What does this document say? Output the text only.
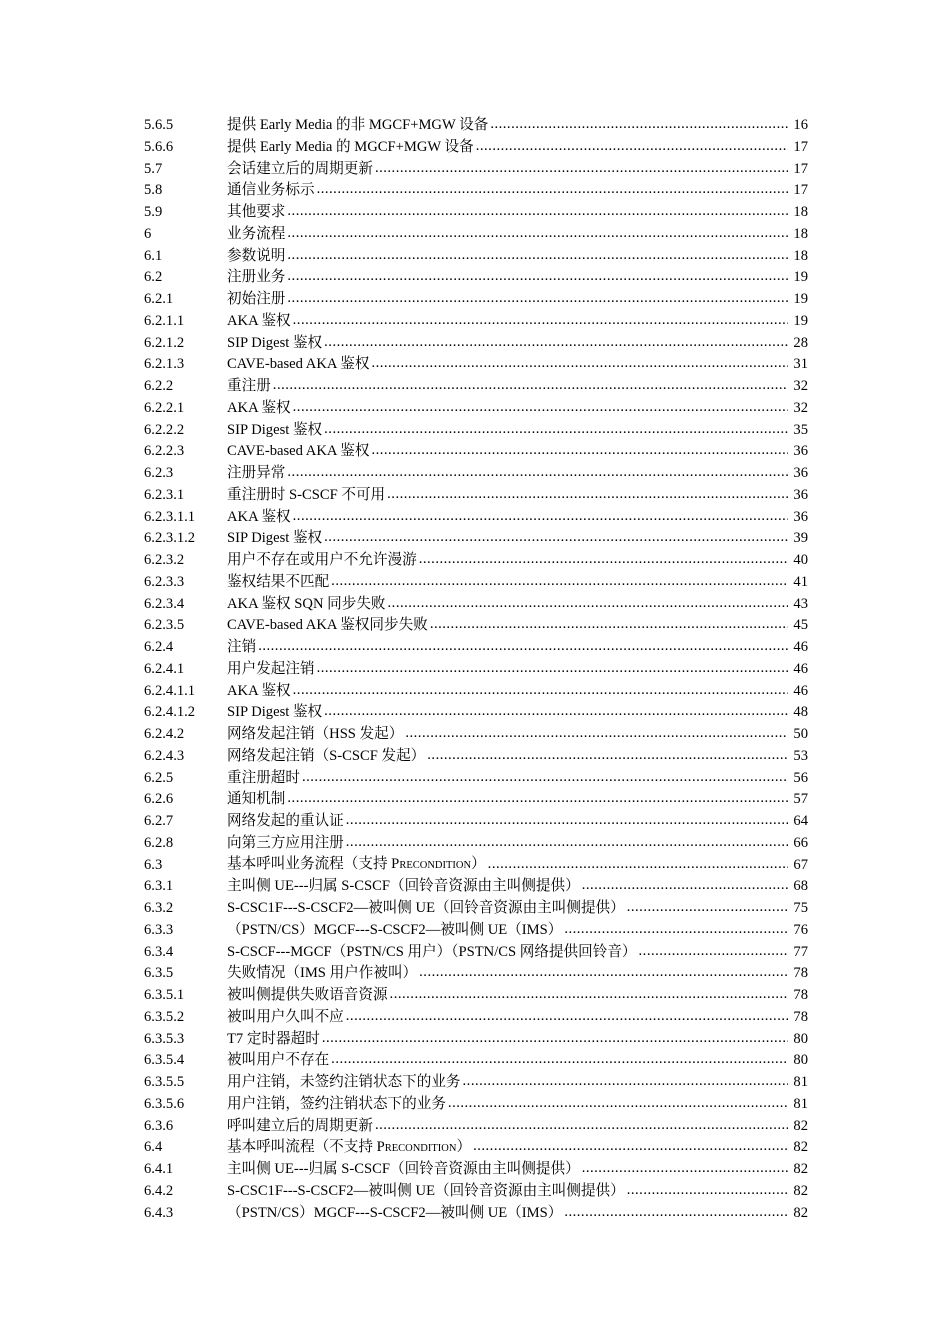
5.6.5	提供 Early Media 的非 MGCF+MGW 设备 .....	16
5.6.6	提供 Early Media 的 MGCF+MGW 设备 .....	17
5.7	会话建立后的周期更新 .....	17
5.8	通信业务标示 .....	17
5.9	其他要求 .....	18
6	业务流程 .....	18
6.1	参数说明 .....	18
6.2	注册业务 .....	19
6.2.1	初始注册 .....	19
6.2.1.1	AKA 鉴权 .....	19
6.2.1.2	SIP Digest 鉴权 .....	28
6.2.1.3	CAVE-based AKA 鉴权 .....	31
6.2.2	重注册 .....	32
6.2.2.1	AKA 鉴权 .....	32
6.2.2.2	SIP Digest 鉴权 .....	35
6.2.2.3	CAVE-based AKA 鉴权 .....	36
6.2.3	注册异常 .....	36
6.2.3.1	重注册时 S-CSCF 不可用 .....	36
6.2.3.1.1	AKA 鉴权 .....	36
6.2.3.1.2	SIP Digest 鉴权 .....	39
6.2.3.2	用户不存在或用户不允许漫游 .....	40
6.2.3.3	鉴权结果不匹配 .....	41
6.2.3.4	AKA 鉴权 SQN 同步失败 .....	43
6.2.3.5	CAVE-based AKA 鉴权同步失败 .....	45
6.2.4	注销 .....	46
6.2.4.1	用户发起注销 .....	46
6.2.4.1.1	AKA 鉴权 .....	46
6.2.4.1.2	SIP Digest 鉴权 .....	48
6.2.4.2	网络发起注销（HSS 发起） .....	50
6.2.4.3	网络发起注销（S-CSCF 发起） .....	53
6.2.5	重注册超时 .....	56
6.2.6	通知机制 .....	57
6.2.7	网络发起的重认证 .....	64
6.2.8	向第三方应用注册 .....	66
6.3	基本呼叫业务流程（支持 PRECONDITION） .....	67
6.3.1	主叫侧 UE---归属 S-CSCF（回铃音资源由主叫侧提供） .....	68
6.3.2	S-CSC1F---S-CSCF2—被叫侧 UE（回铃音资源由主叫侧提供） .....	75
6.3.3	（PSTN/CS）MGCF---S-CSCF2—被叫侧 UE（IMS） .....	76
6.3.4	S-CSCF---MGCF（PSTN/CS 用户）（PSTN/CS 网络提供回铃音） .....	77
6.3.5	失败情况（IMS 用户作被叫） .....	78
6.3.5.1	被叫侧提供失败语音资源 .....	78
6.3.5.2	被叫用户久叫不应 .....	78
6.3.5.3	T7 定时器超时 .....	80
6.3.5.4	被叫用户不存在 .....	80
6.3.5.5	用户注销，未签约注销状态下的业务 .....	81
6.3.5.6	用户注销，签约注销状态下的业务 .....	81
6.3.6	呼叫建立后的周期更新 .....	82
6.4	基本呼叫流程（不支持 PRECONDITION） .....	82
6.4.1	主叫侧 UE---归属 S-CSCF（回铃音资源由主叫侧提供） .....	82
6.4.2	S-CSC1F---S-CSCF2—被叫侧 UE（回铃音资源由主叫侧提供） .....	82
6.4.3	（PSTN/CS）MGCF---S-CSCF2—被叫侧 UE（IMS） .....	82
